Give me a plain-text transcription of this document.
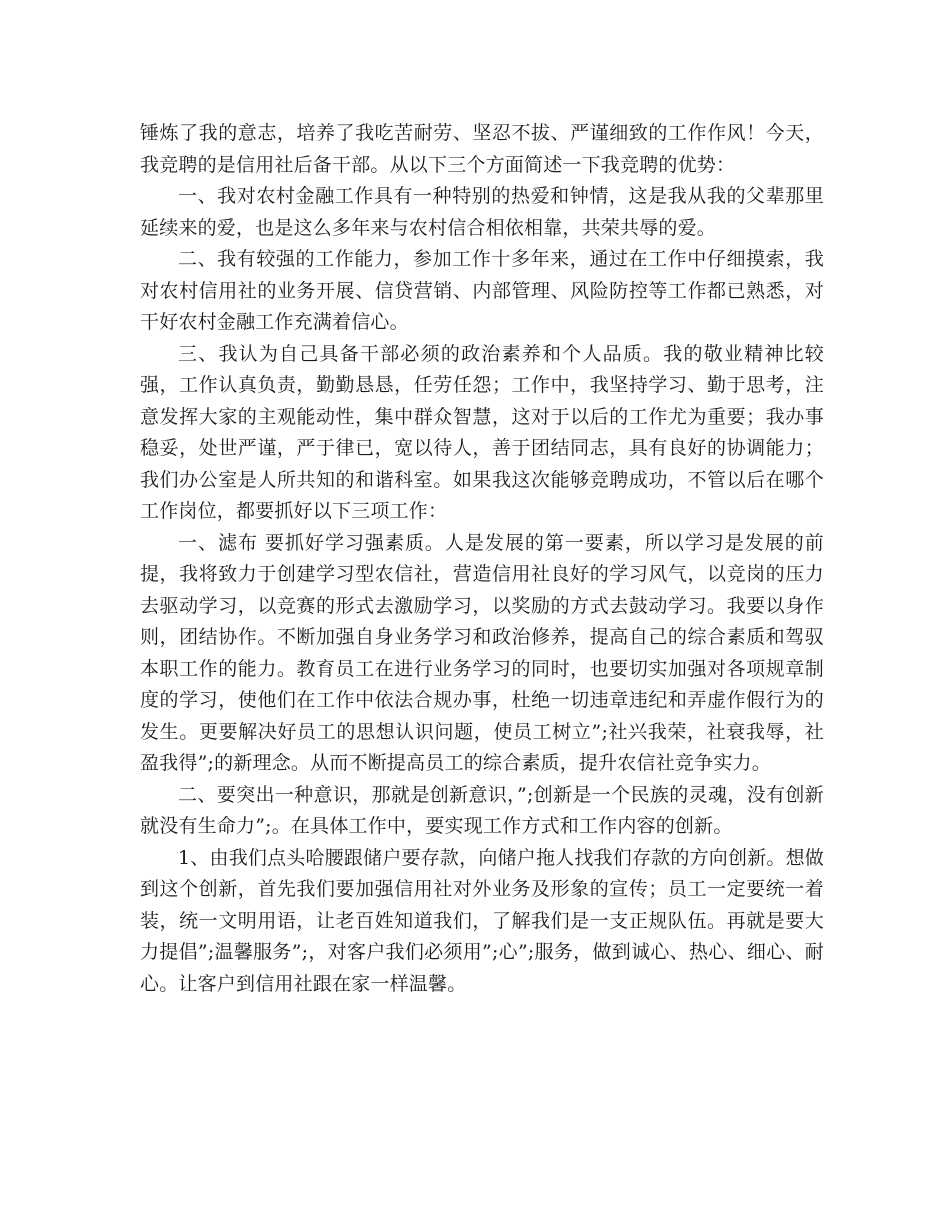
锤炼了我的意志，培养了我吃苦耐劳、坚忍不拔、严谨细致的工作作风！今天，我竞聘的是信用社后备干部。从以下三个方面简述一下我竞聘的优势：

一、我对农村金融工作具有一种特别的热爱和钟情，这是我从我的父辈那里延续来的爱，也是这么多年来与农村信合相依相靠，共荣共辱的爱。

二、我有较强的工作能力，参加工作十多年来，通过在工作中仔细摸索，我对农村信用社的业务开展、信贷营销、内部管理、风险防控等工作都已熟悉，对干好农村金融工作充满着信心。

三、我认为自己具备干部必须的政治素养和个人品质。我的敬业精神比较强，工作认真负责，勤勤恳恳，任劳任怨；工作中，我坚持学习、勤于思考，注意发挥大家的主观能动性，集中群众智慧，这对于以后的工作尤为重要；我办事稳妥，处世严谨，严于律已，宽以待人，善于团结同志，具有良好的协调能力；我们办公室是人所共知的和谐科室。如果我这次能够竞聘成功，不管以后在哪个工作岗位，都要抓好以下三项工作：

一、滤布 要抓好学习强素质。人是发展的第一要素，所以学习是发展的前提，我将致力于创建学习型农信社，营造信用社良好的学习风气，以竞岗的压力去驱动学习，以竞赛的形式去激励学习，以奖励的方式去鼓动学习。我要以身作则，团结协作。不断加强自身业务学习和政治修养，提高自己的综合素质和驾驭本职工作的能力。教育员工在进行业务学习的同时，也要切实加强对各项规章制度的学习，使他们在工作中依法合规办事，杜绝一切违章违纪和弄虚作假行为的发生。更要解决好员工的思想认识问题，使员工树立”;社兴我荣，社衰我辱，社盈我得”;的新理念。从而不断提高员工的综合素质，提升农信社竞争实力。

二、要突出一种意识，那就是创新意识，”;创新是一个民族的灵魂，没有创新就没有生命力”;。在具体工作中，要实现工作方式和工作内容的创新。

1、由我们点头哈腰跟储户要存款，向储户拖人找我们存款的方向创新。想做到这个创新，首先我们要加强信用社对外业务及形象的宣传；员工一定要统一着装，统一文明用语，让老百姓知道我们，了解我们是一支正规队伍。再就是要大力提倡”;温馨服务”;，对客户我们必须用”;心”;服务，做到诚心、热心、细心、耐心。让客户到信用社跟在家一样温馨。
